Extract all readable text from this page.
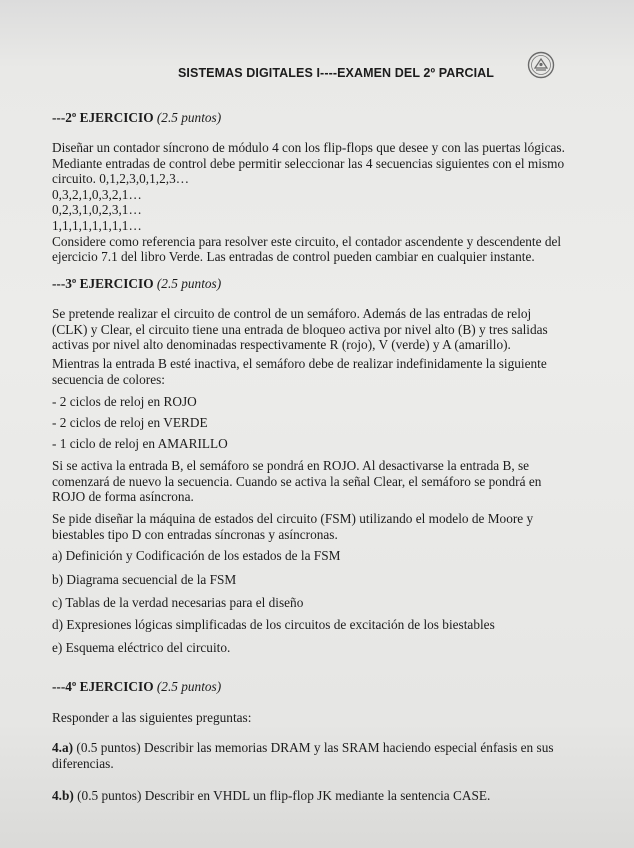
SISTEMAS DIGITALES I----EXAMEN DEL 2º PARCIAL
---2º EJERCICIO (2.5 puntos)
Diseñar un contador síncrono de módulo 4 con los flip-flops que desee y con las puertas lógicas.
Mediante entradas de control debe permitir seleccionar las 4 secuencias siguientes con el mismo
circuito. 0,1,2,3,0,1,2,3…
0,3,2,1,0,3,2,1…
0,2,3,1,0,2,3,1…
1,1,1,1,1,1,1,1…
Considere como referencia para resolver este circuito, el contador ascendente y descendente del
ejercicio 7.1 del libro Verde. Las entradas de control pueden cambiar en cualquier instante.
---3º EJERCICIO (2.5 puntos)
Se pretende realizar el circuito de control de un semáforo. Además de las entradas de reloj
(CLK) y Clear, el circuito tiene una entrada de bloqueo activa por nivel alto (B) y tres salidas
activas por nivel alto denominadas respectivamente R (rojo), V (verde) y A (amarillo).
Mientras la entrada B esté inactiva, el semáforo debe de realizar indefinidamente la siguiente
secuencia de colores:
- 2 ciclos de reloj en ROJO
- 2 ciclos de reloj en VERDE
- 1 ciclo de reloj en AMARILLO
Si se activa la entrada B, el semáforo se pondrá en ROJO. Al desactivarse la entrada B, se
comenzará de nuevo la secuencia. Cuando se activa la señal Clear, el semáforo se pondrá en
ROJO de forma asíncrona.
Se pide diseñar la máquina de estados del circuito (FSM) utilizando el modelo de Moore y
biestables tipo D con entradas síncronas y asíncronas.
a) Definición y Codificación de los estados de la FSM
b) Diagrama secuencial de la FSM
c) Tablas de la verdad necesarias para el diseño
d) Expresiones lógicas simplificadas de los circuitos de excitación de los biestables
e) Esquema eléctrico del circuito.
---4º EJERCICIO (2.5 puntos)
Responder a las siguientes preguntas:
4.a) (0.5 puntos) Describir las memorias DRAM y las SRAM haciendo especial énfasis en sus
diferencias.
4.b) (0.5 puntos) Describir en VHDL un flip-flop JK mediante la sentencia CASE.
